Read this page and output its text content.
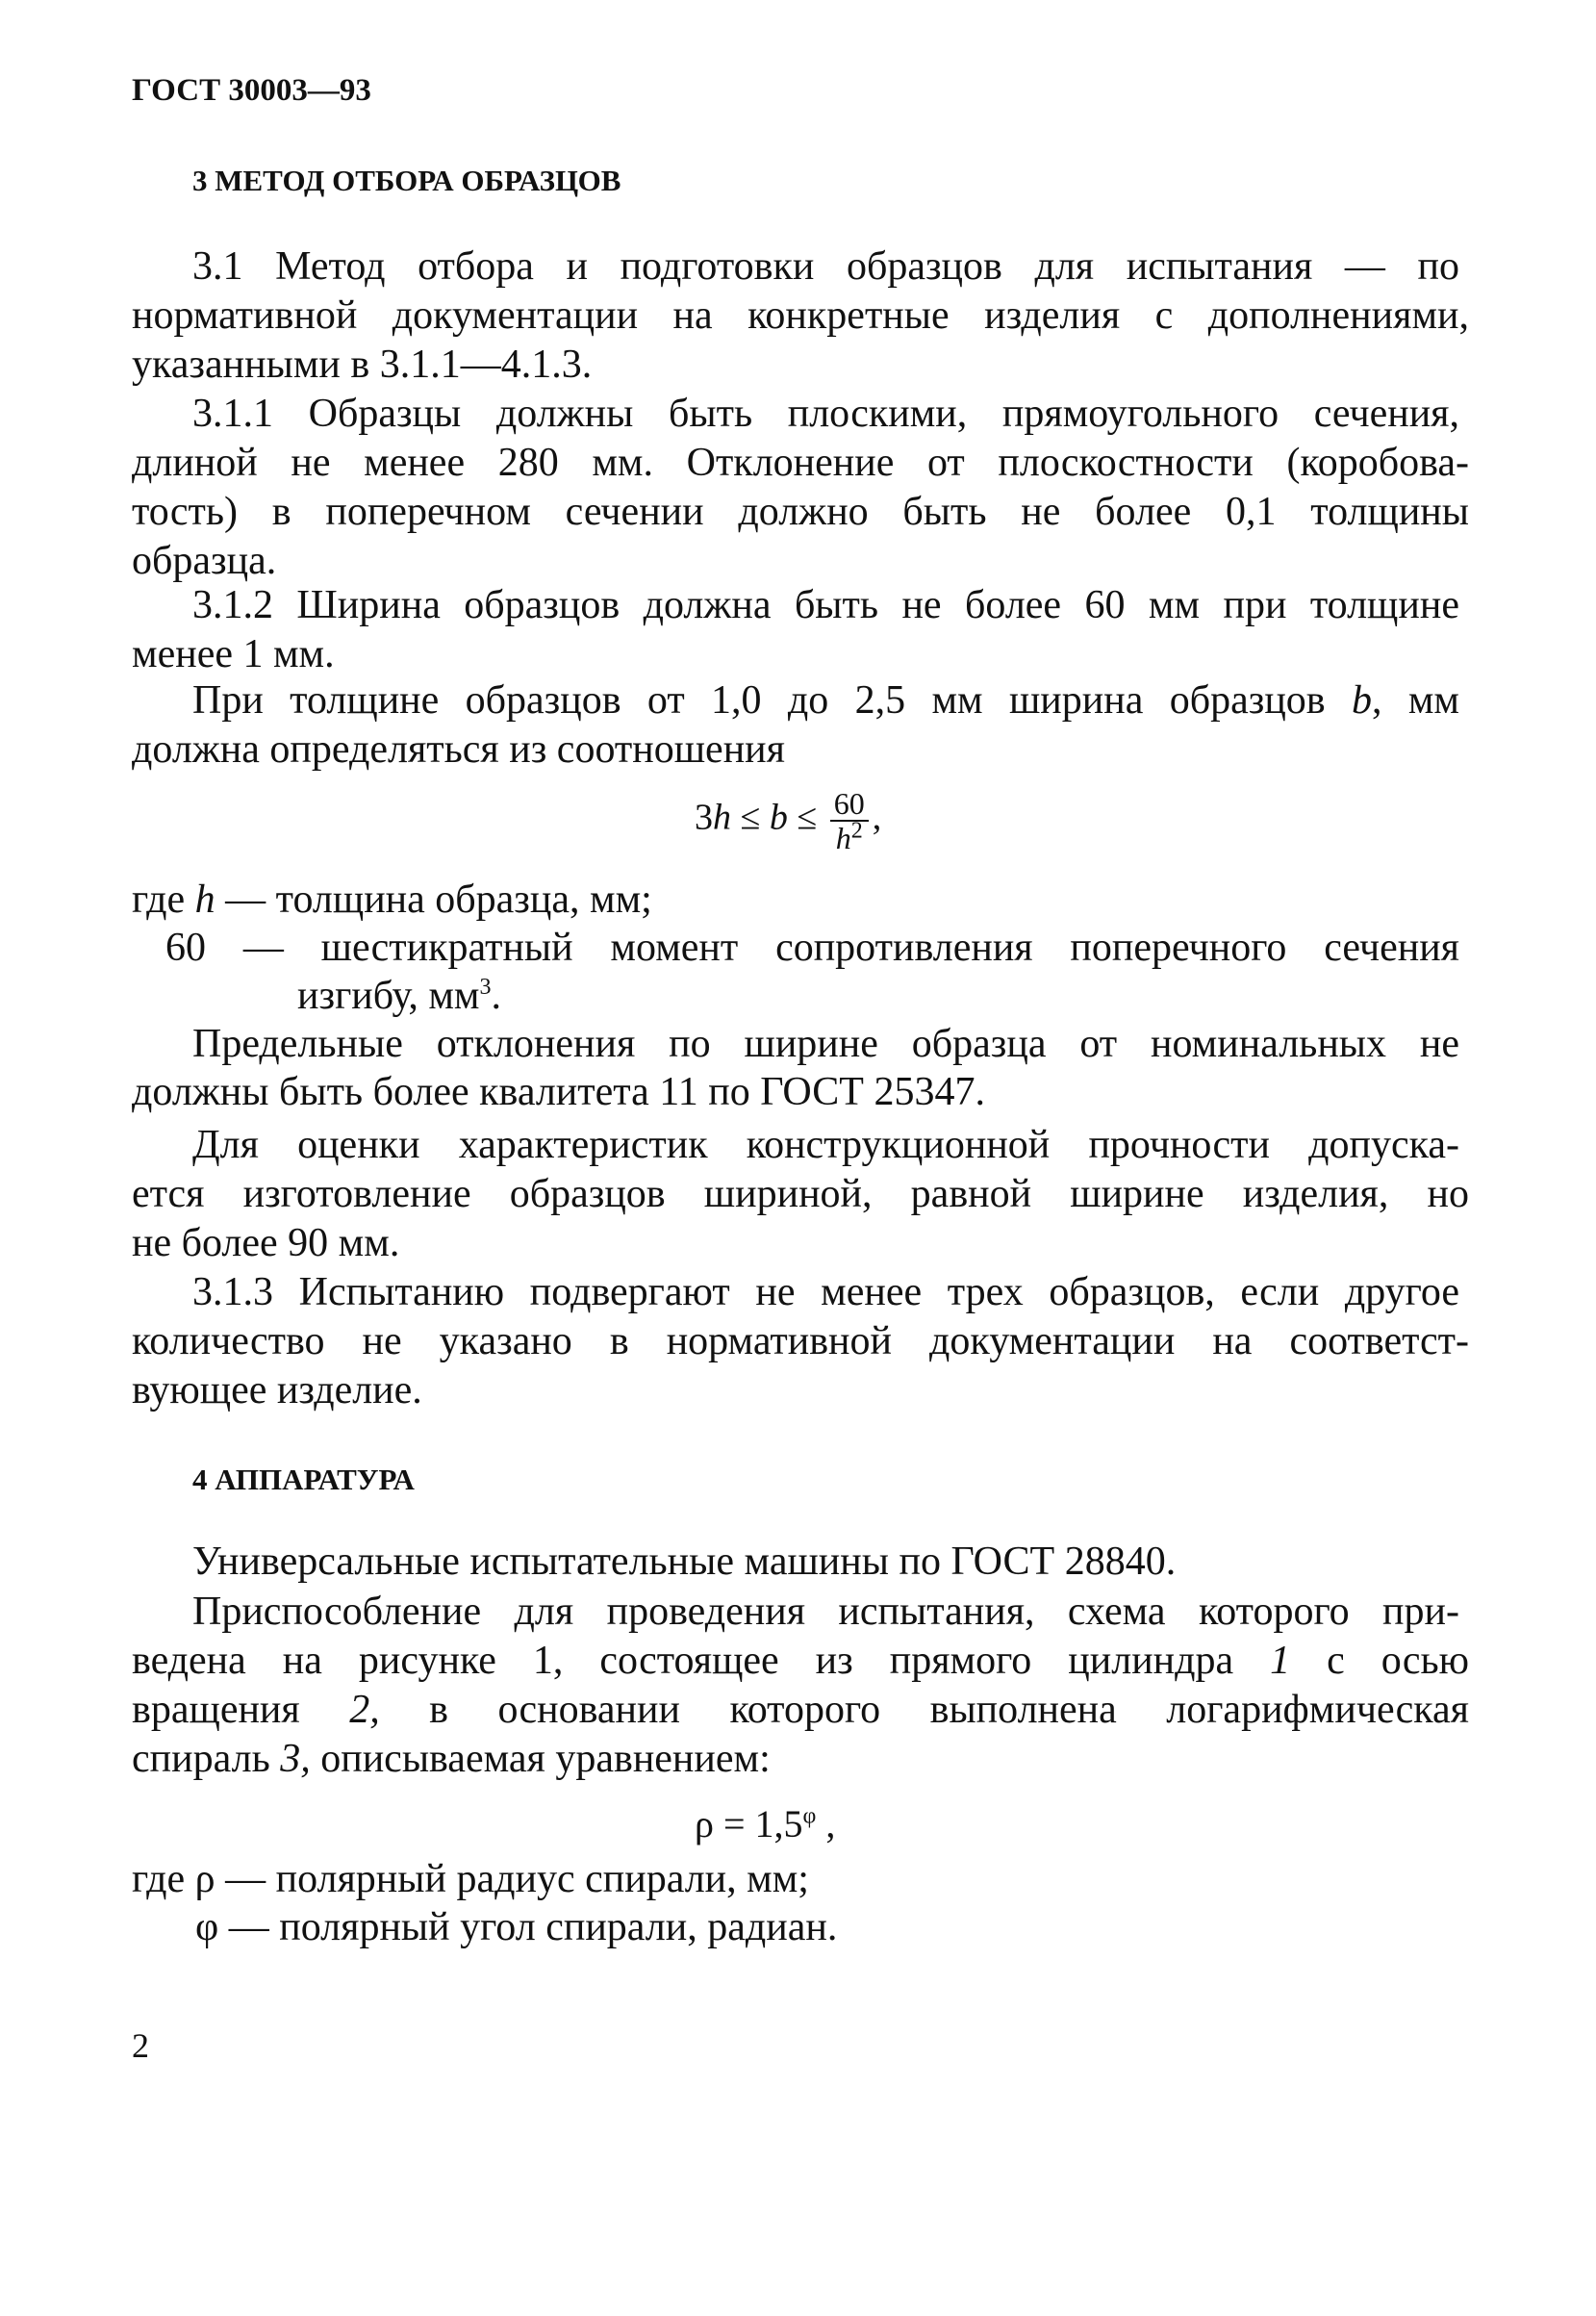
ГОСТ 30003—93
3 МЕТОД ОТБОРА ОБРАЗЦОВ
3.1 Метод отбора и подготовки образцов для испытания — по
нормативной документации на конкретные изделия с дополнениями,
указанными в 3.1.1—4.1.3.
3.1.1 Образцы должны быть плоскими, прямоугольного сечения,
длиной не менее 280 мм. Отклонение от плоскостности (коробова-
тость) в поперечном сечении должно быть не более 0,1 толщины
образца.
3.1.2 Ширина образцов должна быть не более 60 мм при толщине
менее 1 мм.
При толщине образцов от 1,0 до 2,5 мм ширина образцов b, мм
должна определяться из соотношения
$3h \le b \le \frac{60}{h^2}$ ,
где h — толщина образца, мм;
60 — шестикратный момент сопротивления поперечного сечения
изгибу, $мм^3$.
Предельные отклонения по ширине образца от номинальных не
должны быть более квалитета 11 по ГОСТ 25347.
Для оценки характеристик конструкционной прочности допуска-
ется изготовление образцов шириной, равной ширине изделия, но
не более 90 мм.
3.1.3 Испытанию подвергают не менее трех образцов, если другое
количество не указано в нормативной документации на соответст-
вующее изделие.
4 АППАРАТУРА
Универсальные испытательные машины по ГОСТ 28840.
Приспособление для проведения испытания, схема которого при-
ведена на рисунке 1, состоящее из прямого цилиндра 1 с осью
вращения 2, в основании которого выполнена логарифмическая
спираль 3, описываемая уравнением:
$\rho = 1,5^\varphi$ ,
где ρ — полярный радиус спирали, мм;
φ — полярный угол спирали, радиан.
2
